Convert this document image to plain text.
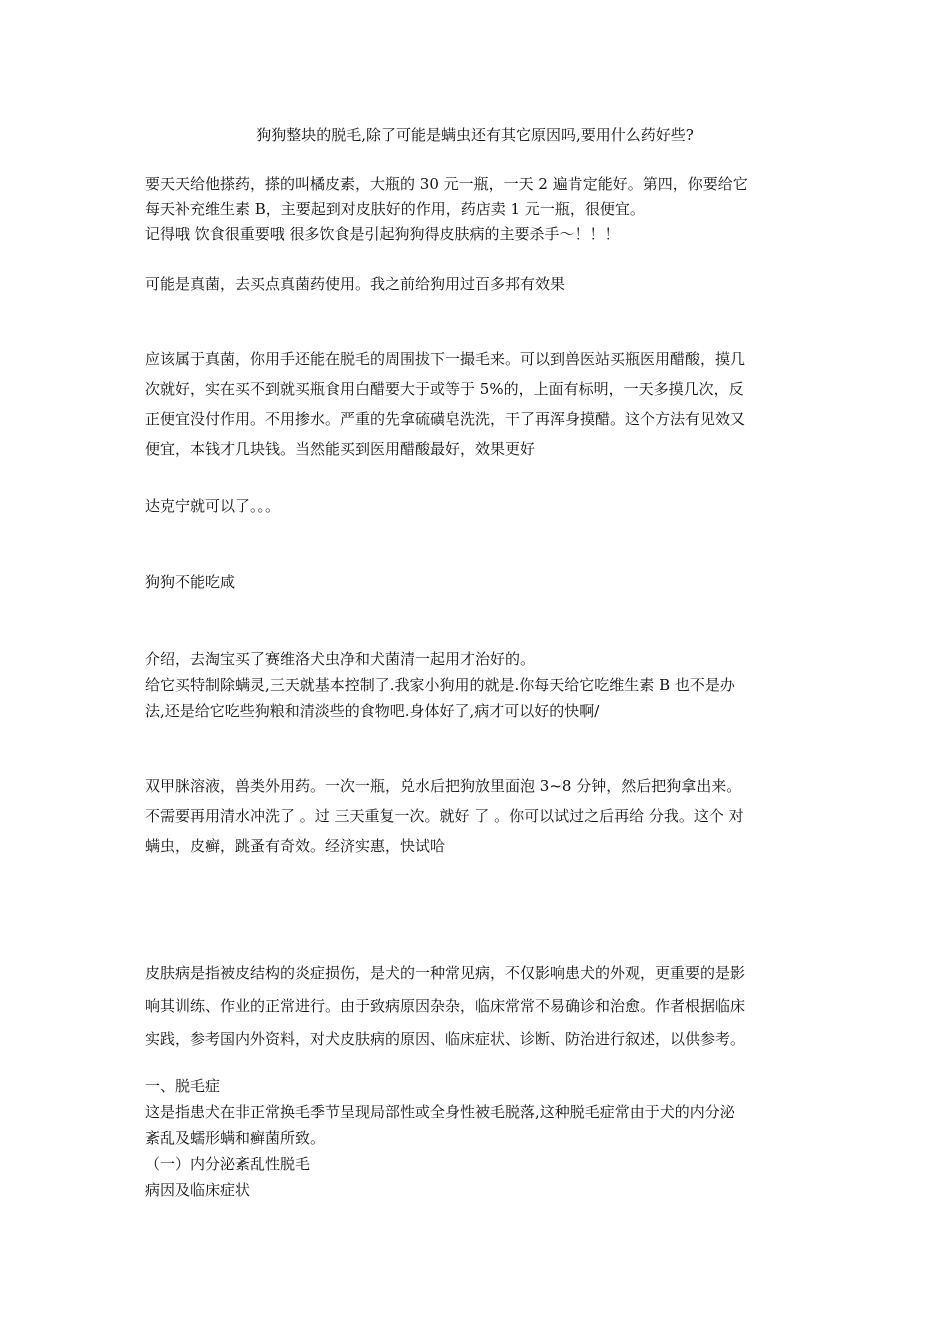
狗狗整块的脱毛,除了可能是螨虫还有其它原因吗,要用什么药好些?
要天天给他搽药，搽的叫橘皮素，大瓶的 30 元一瓶，一天 2 遍肯定能好。第四，你要给它
每天补充维生素 B，主要起到对皮肤好的作用，药店卖 1 元一瓶，很便宜。
记得哦 饮食很重要哦 很多饮食是引起狗狗得皮肤病的主要杀手～！！！
可能是真菌，去买点真菌药使用。我之前给狗用过百多邦有效果
应该属于真菌，你用手还能在脱毛的周围拔下一撮毛来。可以到兽医站买瓶医用醋酸，摸几
次就好，实在买不到就买瓶食用白醋要大于或等于 5%的，上面有标明，一天多摸几次，反
正便宜没付作用。不用掺水。严重的先拿硫磺皂洗洗，干了再浑身摸醋。这个方法有见效又
便宜，本钱才几块钱。当然能买到医用醋酸最好，效果更好
达克宁就可以了。。。
狗狗不能吃咸
介绍，去淘宝买了赛维洛犬虫净和犬菌清一起用才治好的。
给它买特制除螨灵,三天就基本控制了.我家小狗用的就是.你每天给它吃维生素 B 也不是办
法,还是给它吃些狗粮和清淡些的食物吧.身体好了,病才可以好的快啊/
双甲脒溶液，兽类外用药。一次一瓶，兑水后把狗放里面泡 3~8 分钟，然后把狗拿出来。
不需要再用清水冲洗了 。过 三天重复一次。就好 了 。你可以试过之后再给 分我。这个 对
螨虫，皮癣，跳蚤有奇效。经济实惠，快试哈
皮肤病是指被皮结构的炎症损伤，是犬的一种常见病，不仅影响患犬的外观，更重要的是影
响其训练、作业的正常进行。由于致病原因杂杂，临床常常不易确诊和治愈。作者根据临床
实践，参考国内外资料，对犬皮肤病的原因、临床症状、诊断、防治进行叙述，以供参考。
一、脱毛症
这是指患犬在非正常换毛季节呈现局部性或全身性被毛脱落,这种脱毛症常由于犬的内分泌
紊乱及蠕形螨和癣菌所致。
（一）内分泌紊乱性脱毛
病因及临床症状
